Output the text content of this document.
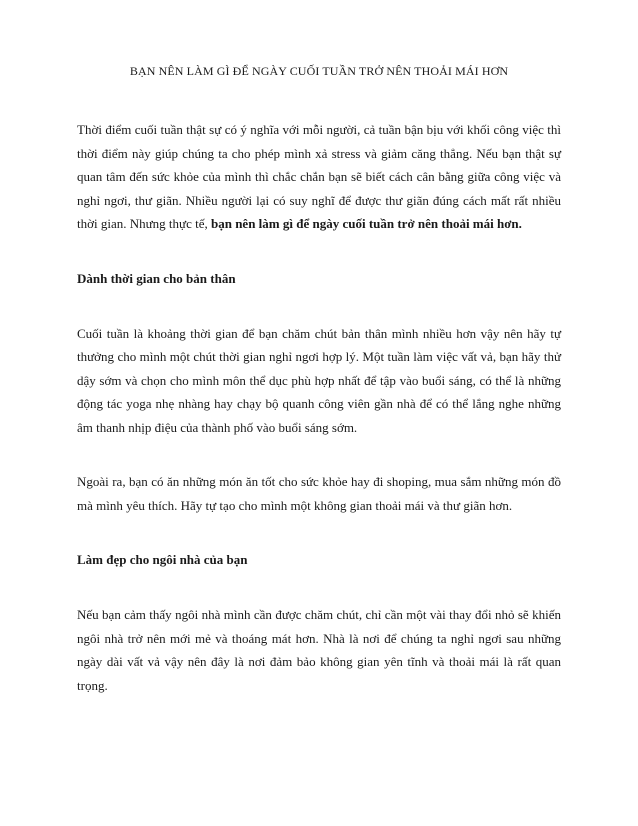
BẠN NÊN LÀM GÌ ĐỂ NGÀY CUỐI TUẦN TRỞ NÊN THOẢI MÁI HƠN

Thời điểm cuối tuần thật sự có ý nghĩa với mỗi người, cả tuần bận bịu với khối công việc thì thời điểm này giúp chúng ta cho phép mình xả stress và giảm căng thẳng. Nếu bạn thật sự quan tâm đến sức khỏe của mình thì chắc chắn bạn sẽ biết cách cân bằng giữa công việc và nghỉ ngơi, thư giãn. Nhiều người lại có suy nghĩ để được thư giãn đúng cách mất rất nhiều thời gian. Nhưng thực tế, bạn nên làm gì để ngày cuối tuần trở nên thoải mái hơn.

Dành thời gian cho bản thân

Cuối tuần là khoảng thời gian để bạn chăm chút bản thân mình nhiều hơn vậy nên hãy tự thưởng cho mình một chút thời gian nghỉ ngơi hợp lý. Một tuần làm việc vất vả, bạn hãy thử dậy sớm và chọn cho mình môn thể dục phù hợp nhất để tập vào buổi sáng, có thể là những động tác yoga nhẹ nhàng hay chạy bộ quanh công viên gần nhà để có thể lắng nghe những âm thanh nhịp điệu của thành phố vào buổi sáng sớm.

Ngoài ra, bạn có ăn những món ăn tốt cho sức khỏe hay đi shoping, mua sắm những món đồ mà mình yêu thích. Hãy tự tạo cho mình một không gian thoải mái và thư giãn hơn.

Làm đẹp cho ngôi nhà của bạn

Nếu bạn cảm thấy ngôi nhà mình cần được chăm chút, chỉ cần một vài thay đổi nhỏ sẽ khiến ngôi nhà trở nên mới mẻ và thoáng mát hơn. Nhà là nơi để chúng ta nghỉ ngơi sau những ngày dài vất vả vậy nên đây là nơi đảm bảo không gian yên tĩnh và thoải mái là rất quan trọng.
